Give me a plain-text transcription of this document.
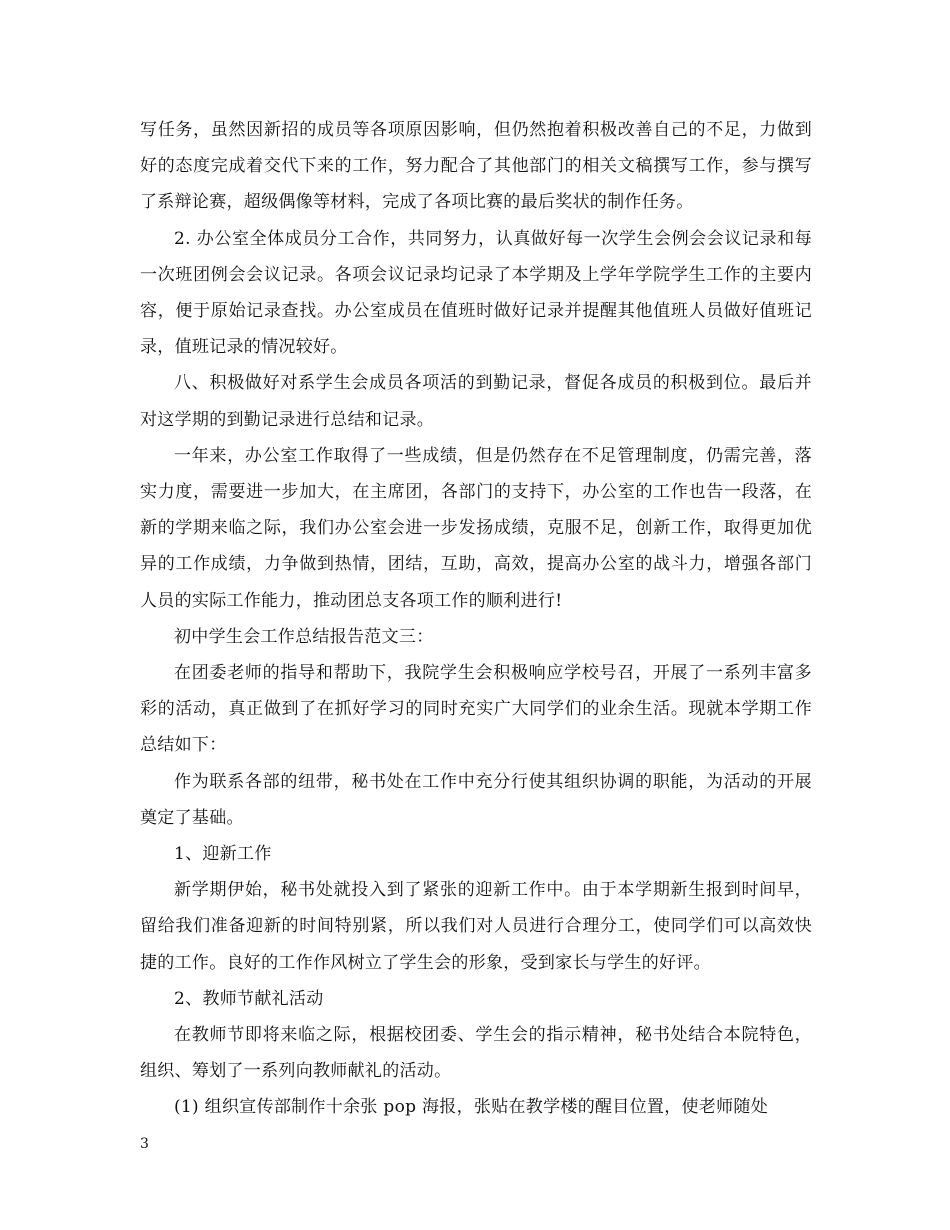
写任务，虽然因新招的成员等各项原因影响，但仍然抱着积极改善自己的不足，力做到好的态度完成着交代下来的工作，努力配合了其他部门的相关文稿撰写工作，参与撰写了系辩论赛，超级偶像等材料，完成了各项比赛的最后奖状的制作任务。

2. 办公室全体成员分工合作，共同努力，认真做好每一次学生会例会会议记录和每一次班团例会会议记录。各项会议记录均记录了本学期及上学年学院学生工作的主要内容，便于原始记录查找。办公室成员在值班时做好记录并提醒其他值班人员做好值班记录，值班记录的情况较好。

八、积极做好对系学生会成员各项活的到勤记录，督促各成员的积极到位。最后并对这学期的到勤记录进行总结和记录。

一年来，办公室工作取得了一些成绩，但是仍然存在不足管理制度，仍需完善，落实力度，需要进一步加大，在主席团，各部门的支持下，办公室的工作也告一段落，在新的学期来临之际，我们办公室会进一步发扬成绩，克服不足，创新工作，取得更加优异的工作成绩，力争做到热情，团结，互助，高效，提高办公室的战斗力，增强各部门人员的实际工作能力，推动团总支各项工作的顺利进行!

初中学生会工作总结报告范文三：

在团委老师的指导和帮助下，我院学生会积极响应学校号召，开展了一系列丰富多彩的活动，真正做到了在抓好学习的同时充实广大同学们的业余生活。现就本学期工作总结如下：

作为联系各部的纽带，秘书处在工作中充分行使其组织协调的职能，为活动的开展奠定了基础。

1、迎新工作

新学期伊始，秘书处就投入到了紧张的迎新工作中。由于本学期新生报到时间早，留给我们准备迎新的时间特别紧，所以我们对人员进行合理分工，使同学们可以高效快捷的工作。良好的工作作风树立了学生会的形象，受到家长与学生的好评。

2、教师节献礼活动

在教师节即将来临之际，根据校团委、学生会的指示精神，秘书处结合本院特色，组织、筹划了一系列向教师献礼的活动。

(1) 组织宣传部制作十余张 pop 海报，张贴在教学楼的醒目位置，使老师随处

3
